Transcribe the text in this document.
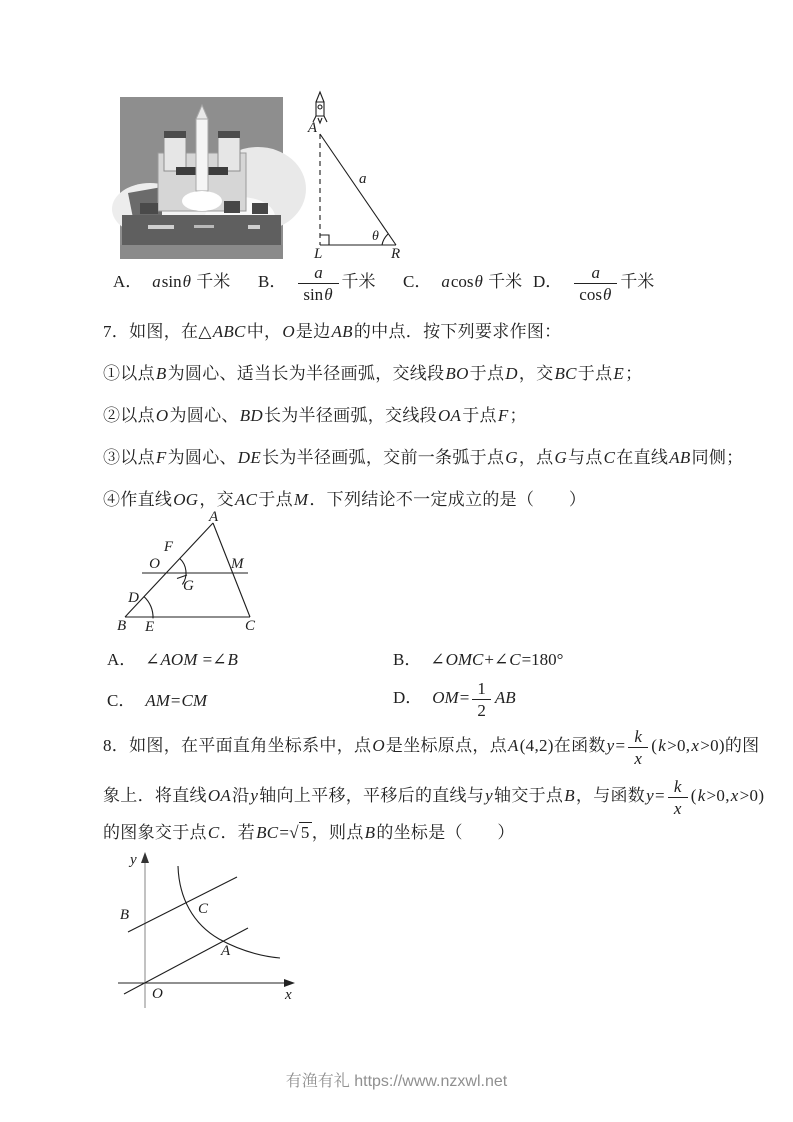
A
L	R
a
θ
A． asinθ 千米 B． $\frac{a}{\sin\theta}$ 千米 C． acosθ 千米 D． $\frac{a}{\cos\theta}$ 千米
7．如图，在△ABC中，O是边AB的中点．按下列要求作图：
①以点B为圆心、适当长为半径画弧，交线段BO于点D，交BC于点E；
②以点O为圆心、BD长为半径画弧，交线段OA于点F；
③以点F为圆心、DE长为半径画弧，交前一条弧于点G，点G与点C在直线AB同侧；
④作直线OG，交AC于点M．下列结论不一定成立的是（　　）
A
B	C
O
F
D
E
G
M
A． ∠AOM =∠B	B． ∠OMC+∠C=180°
C． AM=CM	D． $OM= \frac{1}{2}$ AB
8．如图，在平面直角坐标系中，点O是坐标原点，点A(4,2)在函数$y= \frac{k}{x} (k>0,x>0)$的图
象上．将直线OA沿y轴向上平移，平移后的直线与y轴交于点B，与函数$y= \frac{k}{x} (k>0,x>0)$
的图象交于点C．若BC=√ 5 ，则点B的坐标是（　　）
y
x
O
A
B	C
有渔有礼 https://www.nzxwl.net
